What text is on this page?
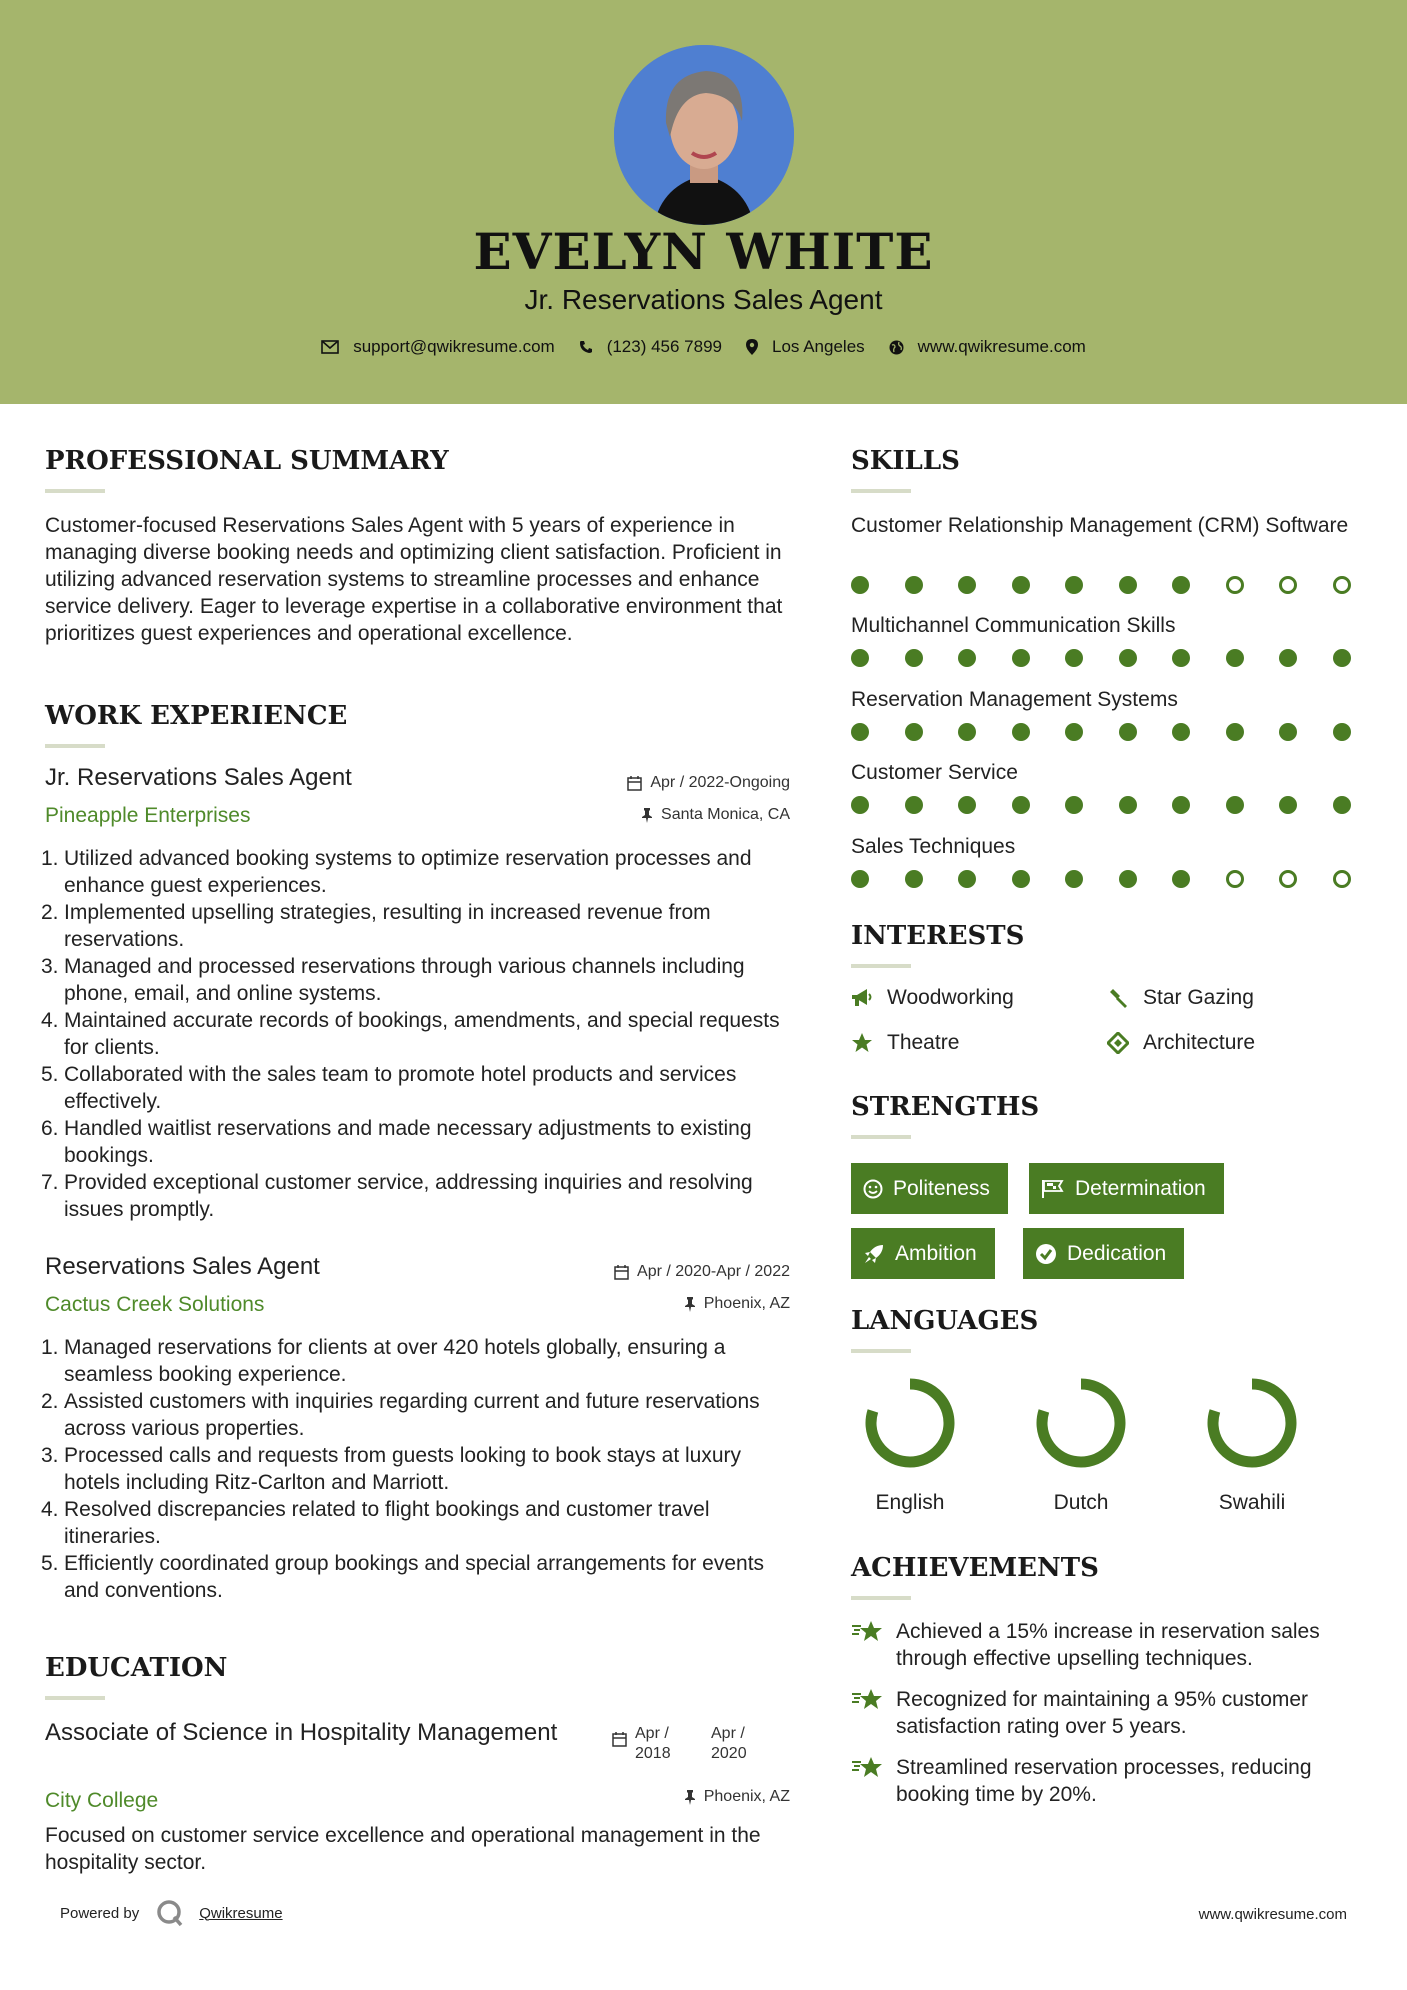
EVELYN WHITE
Jr. Reservations Sales Agent
support@qwikresume.com	(123) 456 7899	Los Angeles	www.qwikresume.com
PROFESSIONAL SUMMARY
Customer-focused Reservations Sales Agent with 5 years of experience in managing diverse booking needs and optimizing client satisfaction. Proficient in utilizing advanced reservation systems to streamline processes and enhance service delivery. Eager to leverage expertise in a collaborative environment that prioritizes guest experiences and operational excellence.
WORK EXPERIENCE
Jr. Reservations Sales Agent	Apr / 2022-Ongoing
Pineapple Enterprises	Santa Monica, CA
1. Utilized advanced booking systems to optimize reservation processes and enhance guest experiences.
2. Implemented upselling strategies, resulting in increased revenue from reservations.
3. Managed and processed reservations through various channels including phone, email, and online systems.
4. Maintained accurate records of bookings, amendments, and special requests for clients.
5. Collaborated with the sales team to promote hotel products and services effectively.
6. Handled waitlist reservations and made necessary adjustments to existing bookings.
7. Provided exceptional customer service, addressing inquiries and resolving issues promptly.
Reservations Sales Agent	Apr / 2020-Apr / 2022
Cactus Creek Solutions	Phoenix, AZ
1. Managed reservations for clients at over 420 hotels globally, ensuring a seamless booking experience.
2. Assisted customers with inquiries regarding current and future reservations across various properties.
3. Processed calls and requests from guests looking to book stays at luxury hotels including Ritz-Carlton and Marriott.
4. Resolved discrepancies related to flight bookings and customer travel itineraries.
5. Efficiently coordinated group bookings and special arrangements for events and conventions.
EDUCATION
Associate of Science in Hospitality Management	Apr / 2018
Apr / 2020
City College	Phoenix, AZ
Focused on customer service excellence and operational management in the hospitality sector.
SKILLS
Customer Relationship Management (CRM) Software
Multichannel Communication Skills
Reservation Management Systems
Customer Service
Sales Techniques
INTERESTS
Woodworking	Star Gazing
Theatre	Architecture
STRENGTHS
Politeness	Determination
Ambition	Dedication
LANGUAGES
English	Dutch	Swahili
ACHIEVEMENTS
Achieved a 15% increase in reservation sales through effective upselling techniques.
Recognized for maintaining a 95% customer satisfaction rating over 5 years.
Streamlined reservation processes, reducing booking time by 20%.
Powered by	Qwikresume	www.qwikresume.com
